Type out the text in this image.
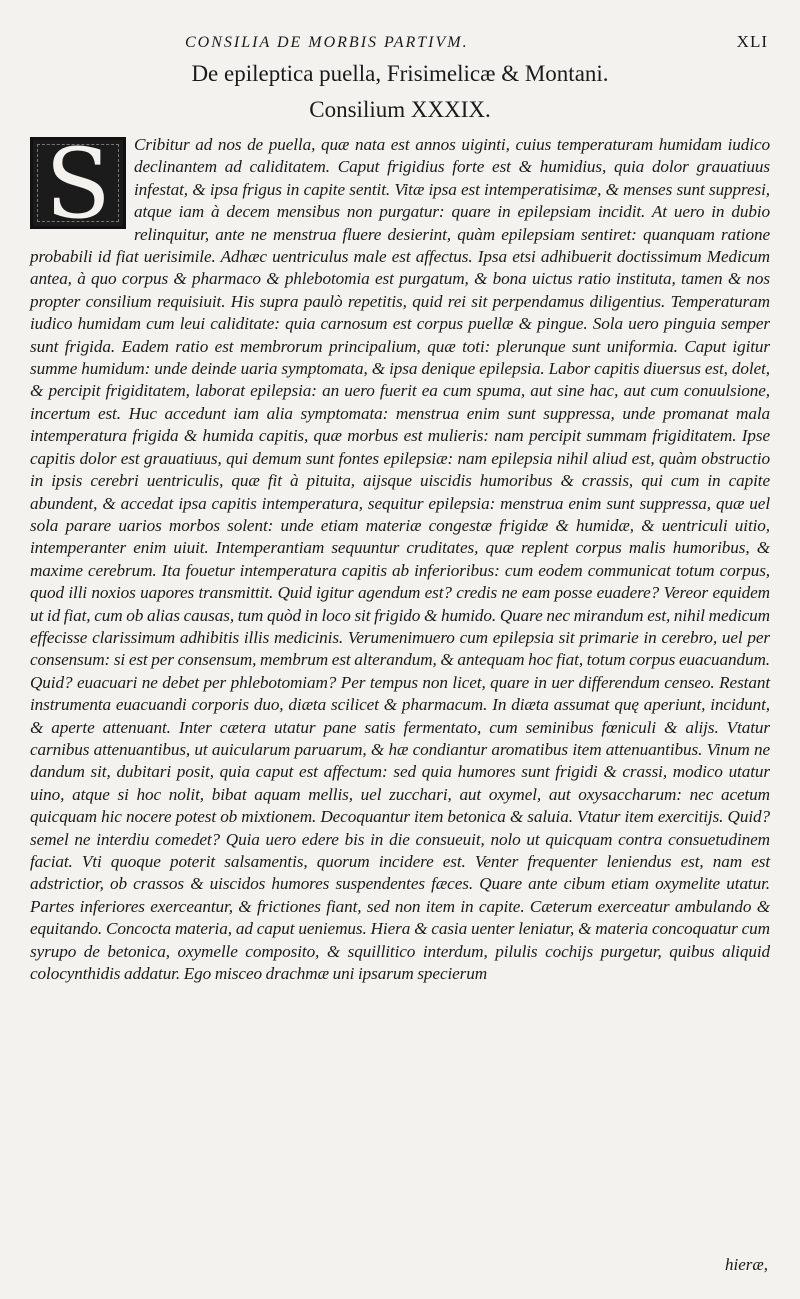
CONSILIA DE MORBIS PARTIVM.	XLI
De epileptica puella, Frisimelicæ & Montani.
Consilium XXXIX.
S	Cribitur ad nos de puella, quæ nata est annos uiginti, cuius temperaturam humidam iudico declinantem ad caliditatem. Caput frigidius forte est & humidius, quia dolor grauatiuus infestat, & ipsa frigus in capite sentit. Vitæ ipsa est intemperatisimæ, & menses sunt suppresi, atque iam à decem mensibus non purgatur: quare in epilepsiam incidit. At uero in dubio relinquitur, ante ne menstrua fluere desierint, quàm epilepsiam sentiret: quanquam ratione probabili id fiat uerisimile. Adhæc uentriculus male est affectus. Ipsa etsi adhibuerit doctissimum Medicum antea, à quo corpus & pharmaco & phlebotomia est purgatum, & bona uictus ratio instituta, tamen & nos propter consilium requisiuit. His supra paulò repetitis, quid rei sit perpendamus diligentius. Temperaturam iudico humidam cum leui caliditate: quia carnosum est corpus puellæ & pingue. Sola uero pinguia semper sunt frigida. Eadem ratio est membrorum principalium, quæ toti: plerunque sunt uniformia. Caput igitur summe humidum: unde deinde uaria symptomata, & ipsa denique epilepsia. Labor capitis diuersus est, dolet, & percipit frigiditatem, laborat epilepsia: an uero fuerit ea cum spuma, aut sine hac, aut cum conuulsione, incertum est. Huc accedunt iam alia symptomata: menstrua enim sunt suppressa, unde promanat mala intemperatura frigida & humida capitis, quæ morbus est mulieris: nam percipit summam frigiditatem. Ipse capitis dolor est grauatiuus, qui demum sunt fontes epilepsiæ: nam epilepsia nihil aliud est, quàm obstructio in ipsis cerebri uentriculis, quæ fit à pituita, aijsque uiscidis humoribus & crassis, qui cum in capite abundent, & accedat ipsa capitis intemperatura, sequitur epilepsia: menstrua enim sunt suppressa, quæ uel sola parare uarios morbos solent: unde etiam materiæ congestæ frigidæ & humidæ, & uentriculi uitio, intemperanter enim uiuit. Intemperantiam sequuntur cruditates, quæ replent corpus malis humoribus, & maxime cerebrum. Ita fouetur intemperatura capitis ab inferioribus: cum eodem communicat totum corpus, quod illi noxios uapores transmittit. Quid igitur agendum est? credis ne eam posse euadere? Vereor equidem ut id fiat, cum ob alias causas, tum quòd in loco sit frigido & humido. Quare nec mirandum est, nihil medicum effecisse clarissimum adhibitis illis medicinis. Verumenimuero cum epilepsia sit primarie in cerebro, uel per consensum: si est per consensum, membrum est alterandum, & antequam hoc fiat, totum corpus euacuandum. Quid? euacuari ne debet per phlebotomiam? Per tempus non licet, quare in uer differendum censeo. Restant instrumenta euacuandi corporis duo, diæta scilicet & pharmacum. In diæta assumat quę aperiunt, incidunt, & aperte attenuant. Inter cætera utatur pane satis fermentato, cum seminibus fœniculi & alijs. Vtatur carnibus attenuantibus, ut auicularum paruarum, & hæ condiantur aromatibus item attenuantibus. Vinum ne dandum sit, dubitari posit, quia caput est affectum: sed quia humores sunt frigidi & crassi, modico utatur uino, atque si hoc nolit, bibat aquam mellis, uel zucchari, aut oxymel, aut oxysaccharum: nec acetum quicquam hic nocere potest ob mixtionem. Decoquantur item betonica & saluia. Vtatur item exercitijs. Quid? semel ne interdiu comedet? Quia uero edere bis in die consueuit, nolo ut quicquam contra consuetudinem faciat. Vti quoque poterit salsamentis, quorum incidere est. Venter frequenter leniendus est, nam est adstrictior, ob crassos & uiscidos humores suspendentes fæces. Quare ante cibum etiam oxymelite utatur. Partes inferiores exerceantur, & frictiones fiant, sed non item in capite. Cæterum exerceatur ambulando & equitando. Concocta materia, ad caput ueniemus. Hiera & casia uenter leniatur, & materia concoquatur cum syrupo de betonica, oxymelle composito, & squillitico interdum, pilulis cochijs purgetur, quibus aliquid colocynthidis addatur. Ego misceo drachmæ uni ipsarum specierum

hieræ,
